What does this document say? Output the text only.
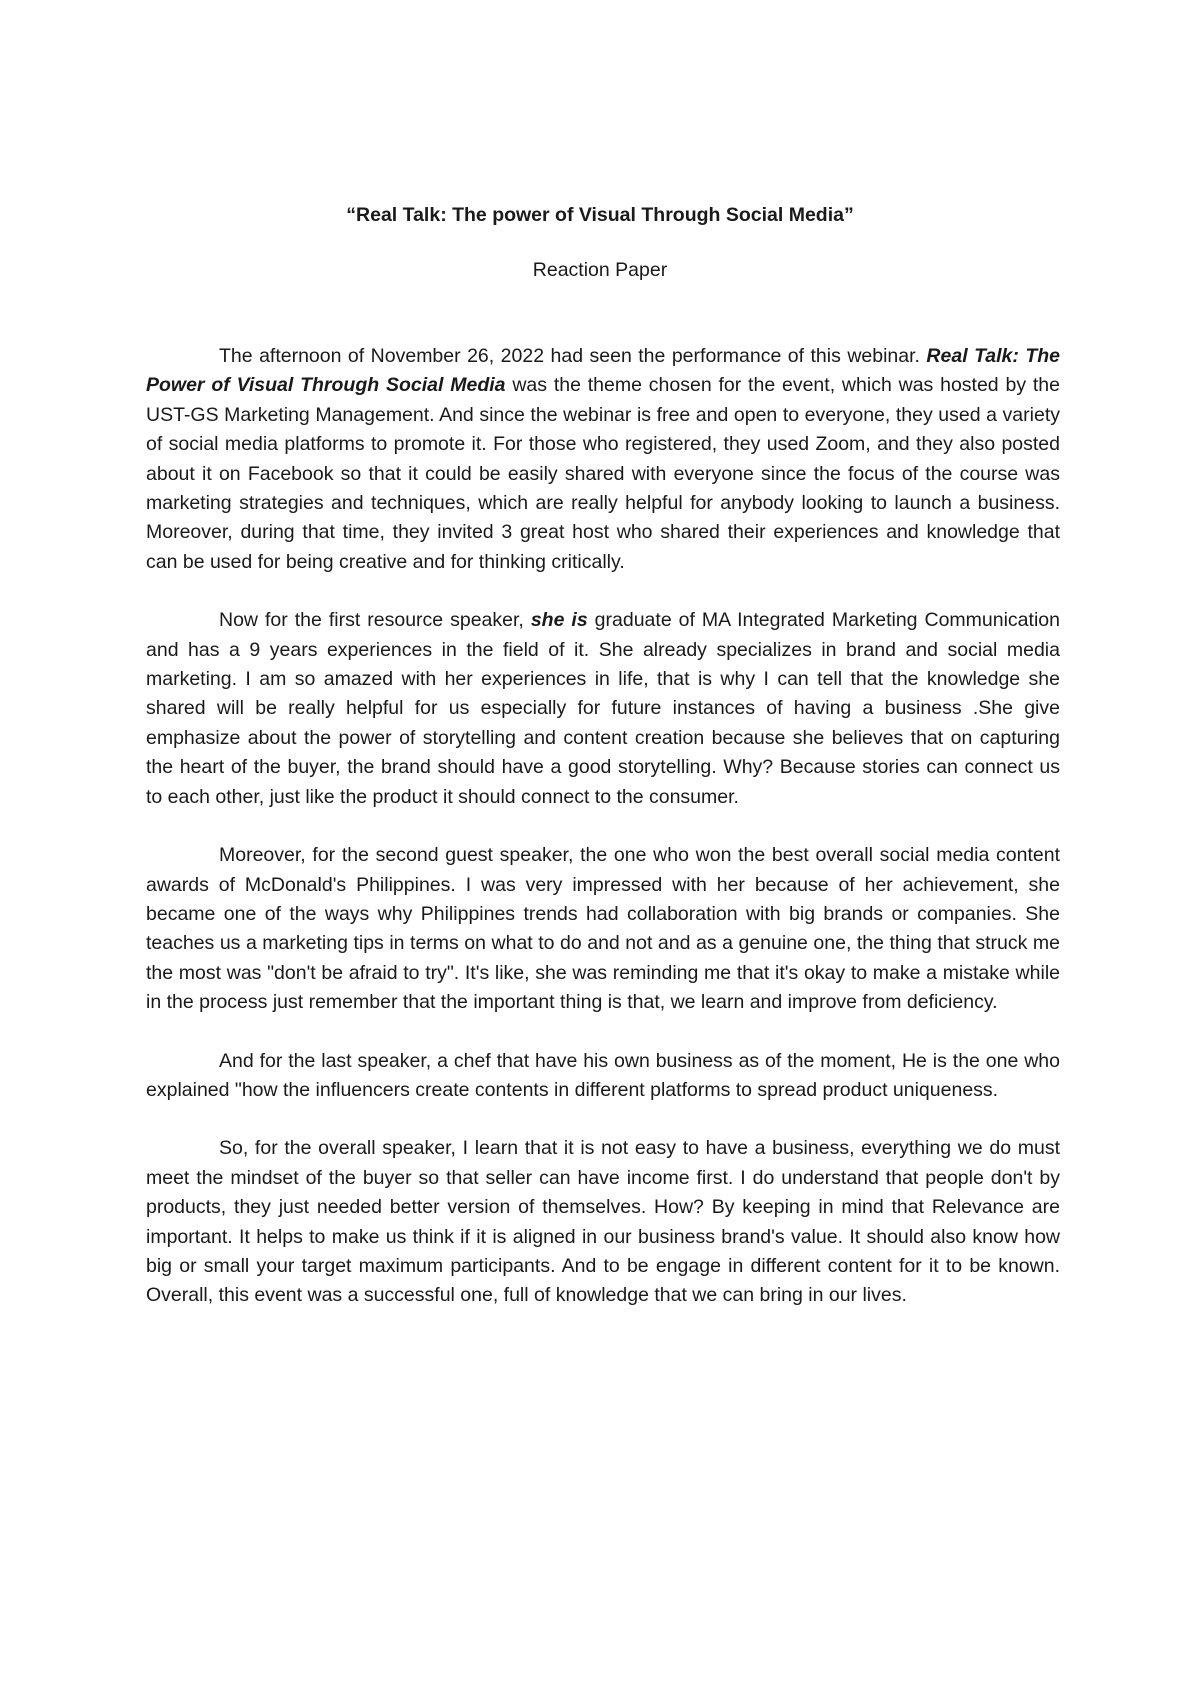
“Real Talk: The power of Visual Through Social Media”

Reaction Paper

The afternoon of November 26, 2022 had seen the performance of this webinar. Real Talk: The Power of Visual Through Social Media was the theme chosen for the event, which was hosted by the UST-GS Marketing Management. And since the webinar is free and open to everyone, they used a variety of social media platforms to promote it. For those who registered, they used Zoom, and they also posted about it on Facebook so that it could be easily shared with everyone since the focus of the course was marketing strategies and techniques, which are really helpful for anybody looking to launch a business. Moreover, during that time, they invited 3 great host who shared their experiences and knowledge that can be used for being creative and for thinking critically.

Now for the first resource speaker, she is graduate of MA Integrated Marketing Communication and has a 9 years experiences in the field of it. She already specializes in brand and social media marketing. I am so amazed with her experiences in life, that is why I can tell that the knowledge she shared will be really helpful for us especially for future instances of having a business .She give emphasize about the power of storytelling and content creation because she believes that on capturing the heart of the buyer, the brand should have a good storytelling. Why? Because stories can connect us to each other, just like the product it should connect to the consumer.

Moreover, for the second guest speaker, the one who won the best overall social media content awards of McDonald's Philippines. I was very impressed with her because of her achievement, she became one of the ways why Philippines trends had collaboration with big brands or companies. She teaches us a marketing tips in terms on what to do and not and as a genuine one, the thing that struck me the most was "don't be afraid to try". It's like, she was reminding me that it's okay to make a mistake while in the process just remember that the important thing is that, we learn and improve from deficiency.

And for the last speaker, a chef that have his own business as of the moment, He is the one who explained "how the influencers create contents in different platforms to spread product uniqueness.

So, for the overall speaker, I learn that it is not easy to have a business, everything we do must meet the mindset of the buyer so that seller can have income first. I do understand that people don't by products, they just needed better version of themselves. How? By keeping in mind that Relevance are important. It helps to make us think if it is aligned in our business brand's value. It should also know how big or small your target maximum participants. And to be engage in different content for it to be known. Overall, this event was a successful one, full of knowledge that we can bring in our lives.
